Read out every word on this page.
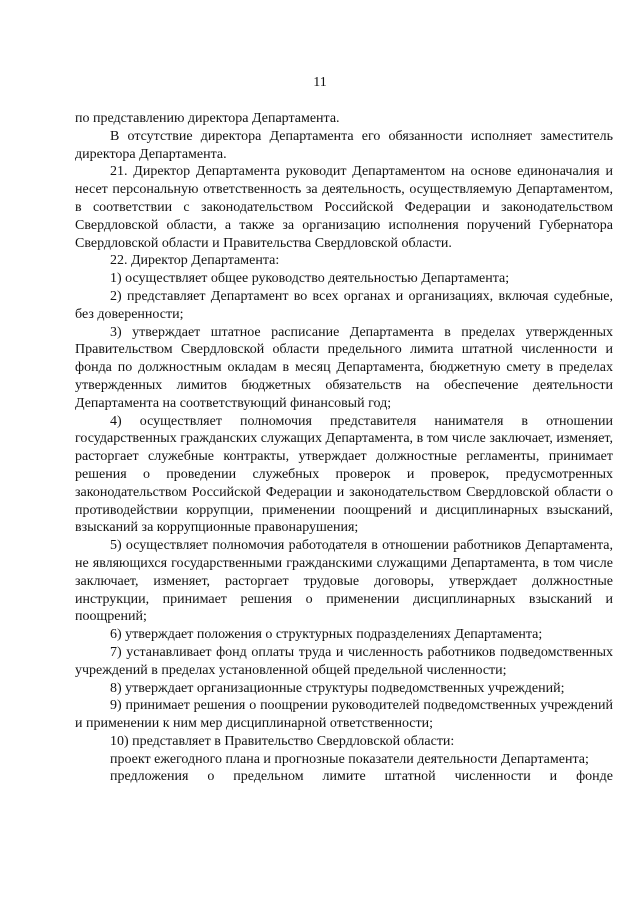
11

по представлению директора Департамента.

В отсутствие директора Департамента его обязанности исполняет заместитель директора Департамента.

21. Директор Департамента руководит Департаментом на основе единоначалия и несет персональную ответственность за деятельность, осуществляемую Департаментом, в соответствии с законодательством Российской Федерации и законодательством Свердловской области, а также за организацию исполнения поручений Губернатора Свердловской области и Правительства Свердловской области.

22. Директор Департамента:

1) осуществляет общее руководство деятельностью Департамента;

2) представляет Департамент во всех органах и организациях, включая судебные, без доверенности;

3) утверждает штатное расписание Департамента в пределах утвержденных Правительством Свердловской области предельного лимита штатной численности и фонда по должностным окладам в месяц Департамента, бюджетную смету в пределах утвержденных лимитов бюджетных обязательств на обеспечение деятельности Департамента на соответствующий финансовый год;

4) осуществляет полномочия представителя нанимателя в отношении государственных гражданских служащих Департамента, в том числе заключает, изменяет, расторгает служебные контракты, утверждает должностные регламенты, принимает решения о проведении служебных проверок и проверок, предусмотренных законодательством Российской Федерации и законодательством Свердловской области о противодействии коррупции, применении поощрений и дисциплинарных взысканий, взысканий за коррупционные правонарушения;

5) осуществляет полномочия работодателя в отношении работников Департамента, не являющихся государственными гражданскими служащими Департамента, в том числе заключает, изменяет, расторгает трудовые договоры, утверждает должностные инструкции, принимает решения о применении дисциплинарных взысканий и поощрений;

6) утверждает положения о структурных подразделениях Департамента;

7) устанавливает фонд оплаты труда и численность работников подведомственных учреждений в пределах установленной общей предельной численности;

8) утверждает организационные структуры подведомственных учреждений;

9) принимает решения о поощрении руководителей подведомственных учреждений и применении к ним мер дисциплинарной ответственности;

10) представляет в Правительство Свердловской области:

проект ежегодного плана и прогнозные показатели деятельности Департамента;

предложения о предельном лимите штатной численности и фонде
